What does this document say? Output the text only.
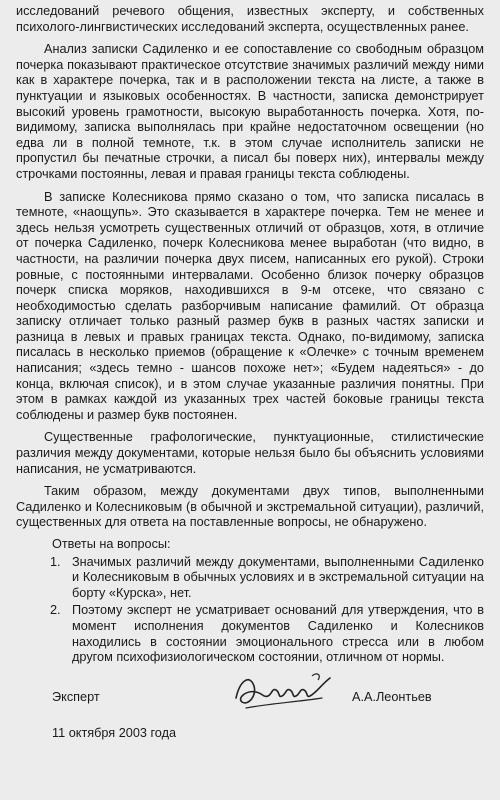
исследований речевого общения, известных эксперту, и собственных психолого-лингвистических исследований эксперта, осуществленных ранее.
Анализ записки Садиленко и ее сопоставление со свободным образцом почерка показывают практическое отсутствие значимых различий между ними как в характере почерка, так и в расположении текста на листе, а также в пунктуации и языковых особенностях. В частности, записка демонстрирует высокий уровень грамотности, высокую выработанность почерка. Хотя, по-видимому, записка выполнялась при крайне недостаточном освещении (но едва ли в полной темноте, т.к. в этом случае исполнитель записки не пропустил бы печатные строчки, а писал бы поверх них), интервалы между строчками постоянны, левая и правая границы текста соблюдены.
В записке Колесникова прямо сказано о том, что записка писалась в темноте, «наощупь». Это сказывается в характере почерка. Тем не менее и здесь нельзя усмотреть существенных отличий от образцов, хотя, в отличие от почерка Садиленко, почерк Колесникова менее выработан (что видно, в частности, на различии почерка двух писем, написанных его рукой). Строки ровные, с постоянными интервалами. Особенно близок почерку образцов почерк списка моряков, находившихся в 9-м отсеке, что связано с необходимостью сделать разборчивым написание фамилий. От образца записку отличает только разный размер букв в разных частях записки и разница в левых и правых границах текста. Однако, по-видимому, записка писалась в несколько приемов (обращение к «Олечке» с точным временем написания; «здесь темно - шансов похоже нет»; «Будем надеяться» - до конца, включая список), и в этом случае указанные различия понятны. При этом в рамках каждой из указанных трех частей боковые границы текста соблюдены и размер букв постоянен.
Существенные графологические, пунктуационные, стилистические различия между документами, которые нельзя было бы объяснить условиями написания, не усматриваются.
Таким образом, между документами двух типов, выполненными Садиленко и Колесниковым (в обычной и экстремальной ситуации), различий, существенных для ответа на поставленные вопросы, не обнаружено.
Ответы на вопросы:
1. Значимых различий между документами, выполненными Садиленко и Колесниковым в обычных условиях и в экстремальной ситуации на борту «Курска», нет.
2. Поэтому эксперт не усматривает оснований для утверждения, что в момент исполнения документов Садиленко и Колесников находились в состоянии эмоционального стресса или в любом другом психофизиологическом состоянии, отличном от нормы.
Эксперт	А.А.Леонтьев
11 октября 2003 года
